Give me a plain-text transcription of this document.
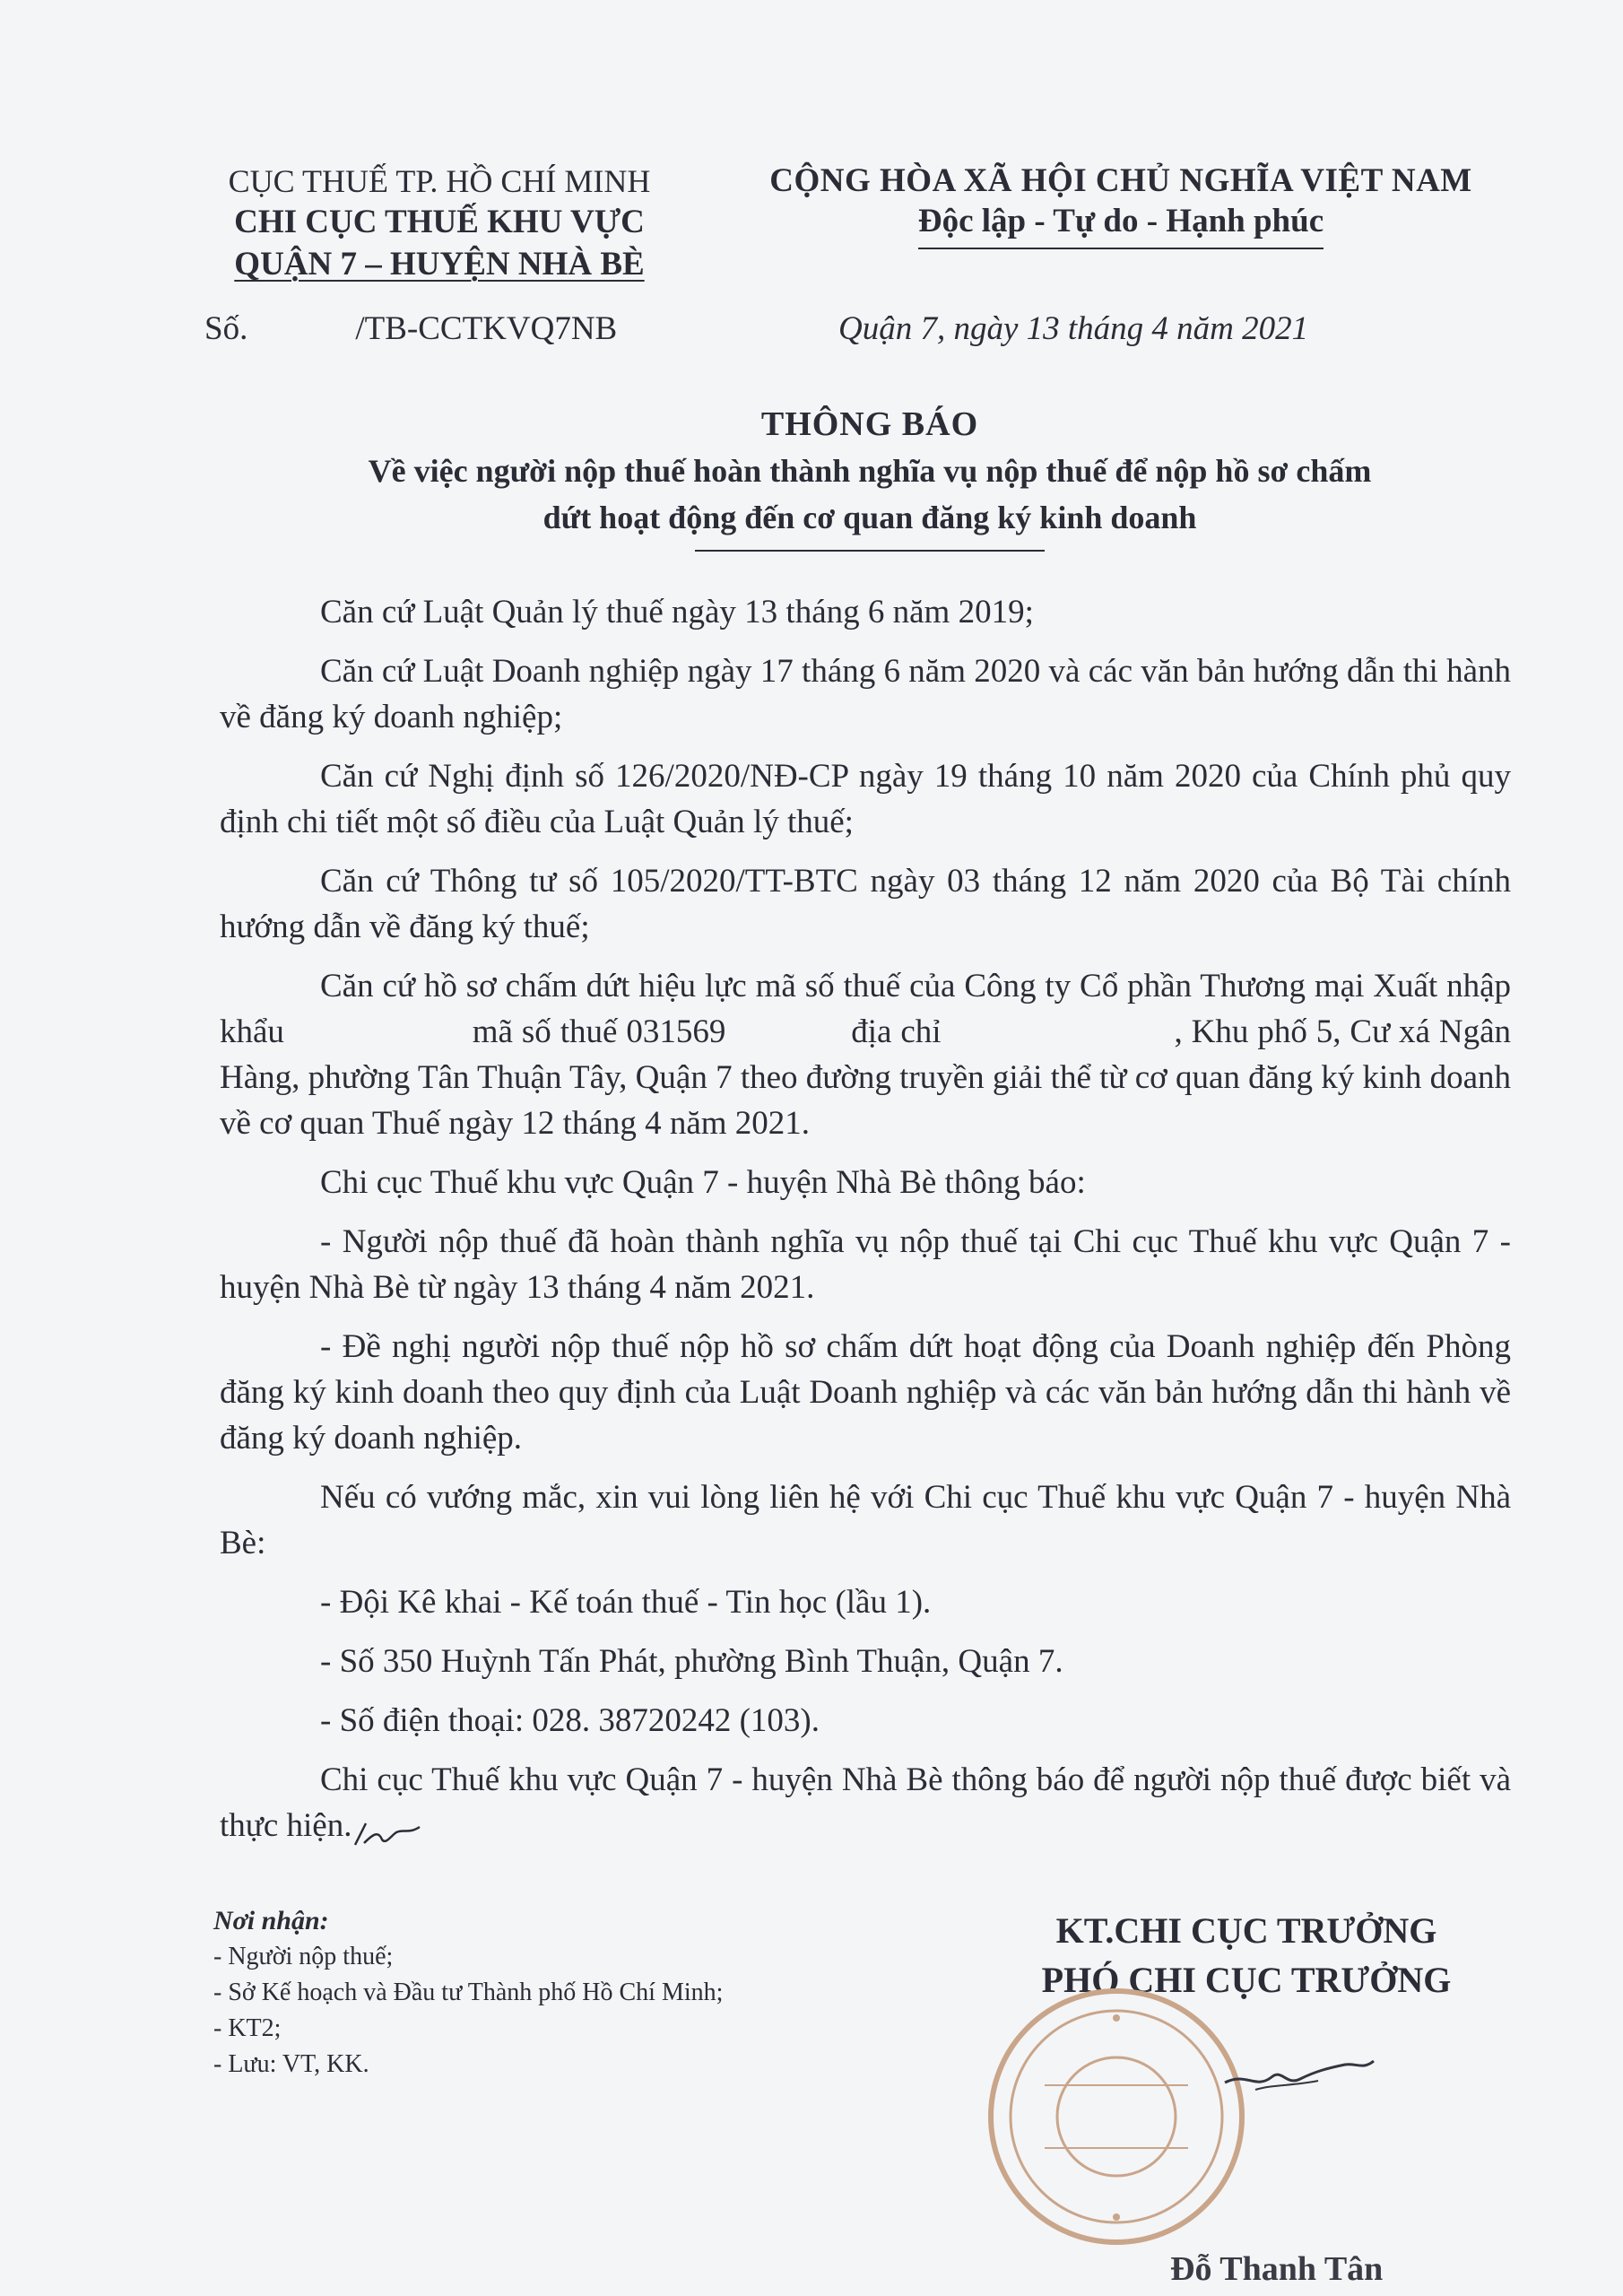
CỤC THUẾ TP. HỒ CHÍ MINH
CHI CỤC THUẾ KHU VỰC
QUẬN 7 – HUYỆN NHÀ BÈ
CỘNG HÒA XÃ HỘI CHỦ NGHĨA VIỆT NAM
Độc lập - Tự do - Hạnh phúc
Số.	/TB-CCTKVQ7NB	Quận 7, ngày 13 tháng 4 năm 2021
THÔNG BÁO
Về việc người nộp thuế hoàn thành nghĩa vụ nộp thuế để nộp hồ sơ chấm
dứt hoạt động đến cơ quan đăng ký kinh doanh

Căn cứ Luật Quản lý thuế ngày 13 tháng 6 năm 2019;

Căn cứ Luật Doanh nghiệp ngày 17 tháng 6 năm 2020 và các văn bản hướng dẫn thi hành về đăng ký doanh nghiệp;

Căn cứ Nghị định số 126/2020/NĐ-CP ngày 19 tháng 10 năm 2020 của Chính phủ quy định chi tiết một số điều của Luật Quản lý thuế;

Căn cứ Thông tư số 105/2020/TT-BTC ngày 03 tháng 12 năm 2020 của Bộ Tài chính hướng dẫn về đăng ký thuế;

Căn cứ hồ sơ chấm dứt hiệu lực mã số thuế của Công ty Cổ phần Thương mại Xuất nhập khẩu	mã số thuế 031569	địa chỉ	, Khu phố 5, Cư xá Ngân Hàng, phường Tân Thuận Tây, Quận 7 theo đường truyền giải thể từ cơ quan đăng ký kinh doanh về cơ quan Thuế ngày 12 tháng 4 năm 2021.

Chi cục Thuế khu vực Quận 7 - huyện Nhà Bè thông báo:

- Người nộp thuế đã hoàn thành nghĩa vụ nộp thuế tại Chi cục Thuế khu vực Quận 7 - huyện Nhà Bè từ ngày 13 tháng 4 năm 2021.

- Đề nghị người nộp thuế nộp hồ sơ chấm dứt hoạt động của Doanh nghiệp đến Phòng đăng ký kinh doanh theo quy định của Luật Doanh nghiệp và các văn bản hướng dẫn thi hành về đăng ký doanh nghiệp.

Nếu có vướng mắc, xin vui lòng liên hệ với Chi cục Thuế khu vực Quận 7 - huyện Nhà Bè:

- Đội Kê khai - Kế toán thuế - Tin học (lầu 1).

- Số 350 Huỳnh Tấn Phát, phường Bình Thuận, Quận 7.

- Số điện thoại: 028. 38720242 (103).

Chi cục Thuế khu vực Quận 7 - huyện Nhà Bè thông báo để người nộp thuế được biết và thực hiện.

Nơi nhận:
- Người nộp thuế;
- Sở Kế hoạch và Đầu tư Thành phố Hồ Chí Minh;
- KT2;
- Lưu: VT, KK.
KT.CHI CỤC TRƯỞNG
PHÓ CHI CỤC TRƯỞNG
Đỗ Thanh Tân
